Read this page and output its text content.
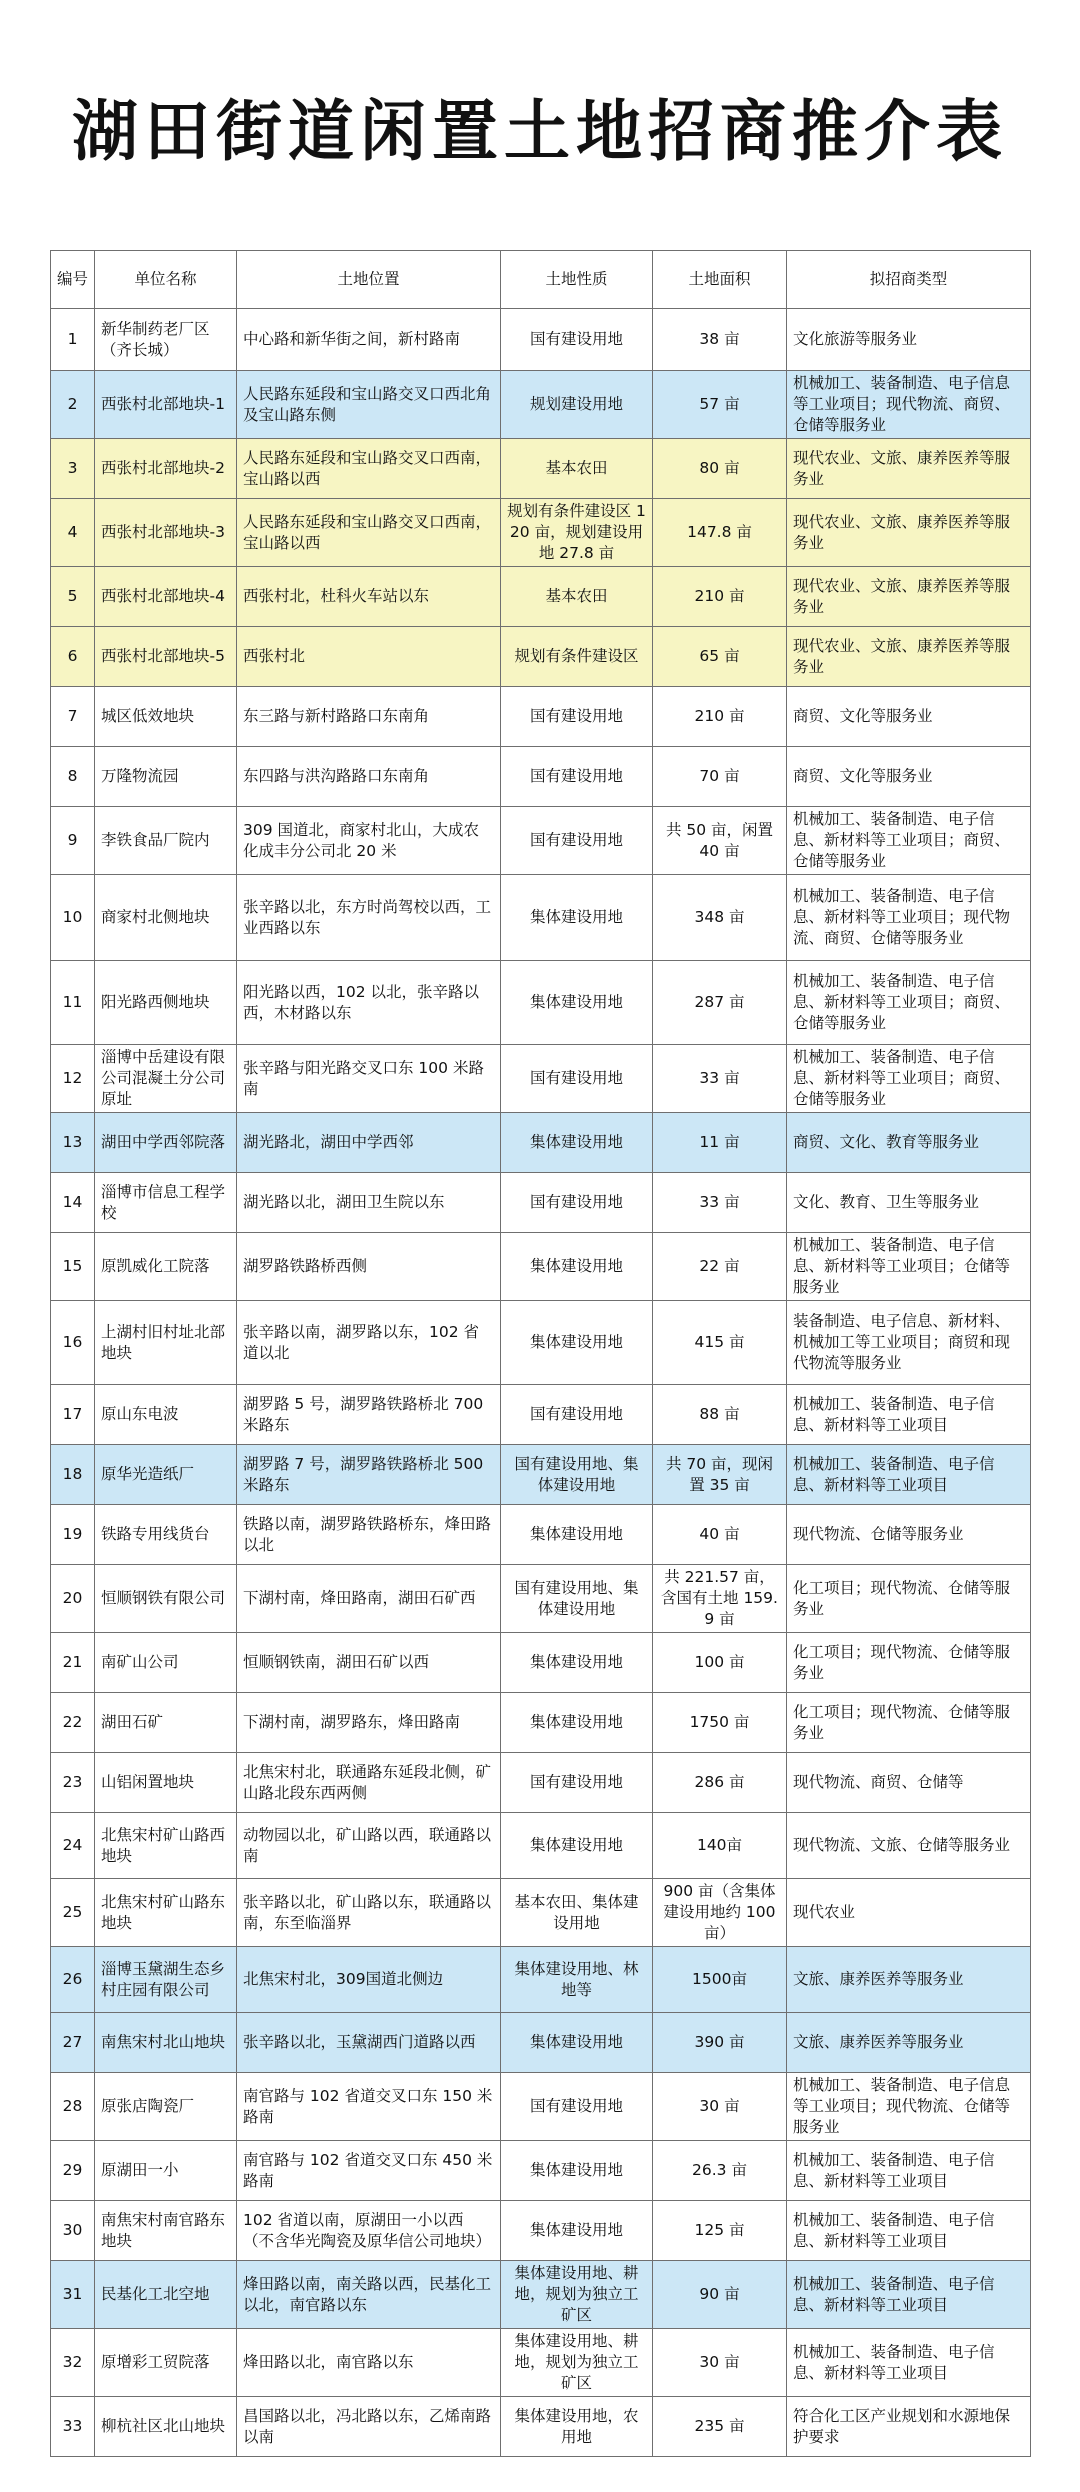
湖田街道闲置土地招商推介表
编号	单位名称	土地位置	土地性质	土地面积	拟招商类型
1	新华制药老厂区（齐长城）	中心路和新华街之间，新村路南	国有建设用地	38 亩	文化旅游等服务业
2	西张村北部地块-1	人民路东延段和宝山路交叉口西北角及宝山路东侧	规划建设用地	57 亩	机械加工、装备制造、电子信息等工业项目；现代物流、商贸、仓储等服务业
3	西张村北部地块-2	人民路东延段和宝山路交叉口西南，宝山路以西	基本农田	80 亩	现代农业、文旅、康养医养等服务业
4	西张村北部地块-3	人民路东延段和宝山路交叉口西南，宝山路以西	规划有条件建设区 120 亩，规划建设用地 27.8 亩	147.8 亩	现代农业、文旅、康养医养等服务业
5	西张村北部地块-4	西张村北，杜科火车站以东	基本农田	210 亩	现代农业、文旅、康养医养等服务业
6	西张村北部地块-5	西张村北	规划有条件建设区	65 亩	现代农业、文旅、康养医养等服务业
7	城区低效地块	东三路与新村路路口东南角	国有建设用地	210 亩	商贸、文化等服务业
8	万隆物流园	东四路与洪沟路路口东南角	国有建设用地	70 亩	商贸、文化等服务业
9	李铁食品厂院内	309 国道北，商家村北山，大成农化成丰分公司北 20 米	国有建设用地	共 50 亩，闲置 40 亩	机械加工、装备制造、电子信息、新材料等工业项目；商贸、仓储等服务业
10	商家村北侧地块	张辛路以北，东方时尚驾校以西，工业西路以东	集体建设用地	348 亩	机械加工、装备制造、电子信息、新材料等工业项目；现代物流、商贸、仓储等服务业
11	阳光路西侧地块	阳光路以西，102 以北，张辛路以西，木材路以东	集体建设用地	287 亩	机械加工、装备制造、电子信息、新材料等工业项目；商贸、仓储等服务业
12	淄博中岳建设有限公司混凝土分公司原址	张辛路与阳光路交叉口东 100 米路南	国有建设用地	33 亩	机械加工、装备制造、电子信息、新材料等工业项目；商贸、仓储等服务业
13	湖田中学西邻院落	湖光路北，湖田中学西邻	集体建设用地	11 亩	商贸、文化、教育等服务业
14	淄博市信息工程学校	湖光路以北，湖田卫生院以东	国有建设用地	33 亩	文化、教育、卫生等服务业
15	原凯威化工院落	湖罗路铁路桥西侧	集体建设用地	22 亩	机械加工、装备制造、电子信息、新材料等工业项目；仓储等服务业
16	上湖村旧村址北部地块	张辛路以南，湖罗路以东，102 省道以北	集体建设用地	415 亩	装备制造、电子信息、新材料、机械加工等工业项目；商贸和现代物流等服务业
17	原山东电波	湖罗路 5 号，湖罗路铁路桥北 700 米路东	国有建设用地	88 亩	机械加工、装备制造、电子信息、新材料等工业项目
18	原华光造纸厂	湖罗路 7 号，湖罗路铁路桥北 500 米路东	国有建设用地、集体建设用地	共 70 亩，现闲置 35 亩	机械加工、装备制造、电子信息、新材料等工业项目
19	铁路专用线货台	铁路以南，湖罗路铁路桥东，烽田路以北	集体建设用地	40 亩	现代物流、仓储等服务业
20	恒顺钢铁有限公司	下湖村南，烽田路南，湖田石矿西	国有建设用地、集体建设用地	共 221.57 亩，含国有土地 159.9 亩	化工项目；现代物流、仓储等服务业
21	南矿山公司	恒顺钢铁南，湖田石矿以西	集体建设用地	100 亩	化工项目；现代物流、仓储等服务业
22	湖田石矿	下湖村南，湖罗路东，烽田路南	集体建设用地	1750 亩	化工项目；现代物流、仓储等服务业
23	山铝闲置地块	北焦宋村北，联通路东延段北侧，矿山路北段东西两侧	国有建设用地	286 亩	现代物流、商贸、仓储等
24	北焦宋村矿山路西地块	动物园以北，矿山路以西，联通路以南	集体建设用地	140亩	现代物流、文旅、仓储等服务业
25	北焦宋村矿山路东地块	张辛路以北，矿山路以东，联通路以南，东至临淄界	基本农田、集体建设用地	900 亩（含集体建设用地约 100 亩）	现代农业
26	淄博玉黛湖生态乡村庄园有限公司	北焦宋村北，309国道北侧边	集体建设用地、林地等	1500亩	文旅、康养医养等服务业
27	南焦宋村北山地块	张辛路以北，玉黛湖西门道路以西	集体建设用地	390 亩	文旅、康养医养等服务业
28	原张店陶瓷厂	南官路与 102 省道交叉口东 150 米路南	国有建设用地	30 亩	机械加工、装备制造、电子信息等工业项目；现代物流、仓储等服务业
29	原湖田一小	南官路与 102 省道交叉口东 450 米路南	集体建设用地	26.3 亩	机械加工、装备制造、电子信息、新材料等工业项目
30	南焦宋村南官路东地块	102 省道以南，原湖田一小以西（不含华光陶瓷及原华信公司地块）	集体建设用地	125 亩	机械加工、装备制造、电子信息、新材料等工业项目
31	民基化工北空地	烽田路以南，南关路以西，民基化工以北，南官路以东	集体建设用地、耕地，规划为独立工矿区	90 亩	机械加工、装备制造、电子信息、新材料等工业项目
32	原增彩工贸院落	烽田路以北，南官路以东	集体建设用地、耕地，规划为独立工矿区	30 亩	机械加工、装备制造、电子信息、新材料等工业项目
33	柳杭社区北山地块	昌国路以北，冯北路以东，乙烯南路以南	集体建设用地，农用地	235 亩	符合化工区产业规划和水源地保护要求
